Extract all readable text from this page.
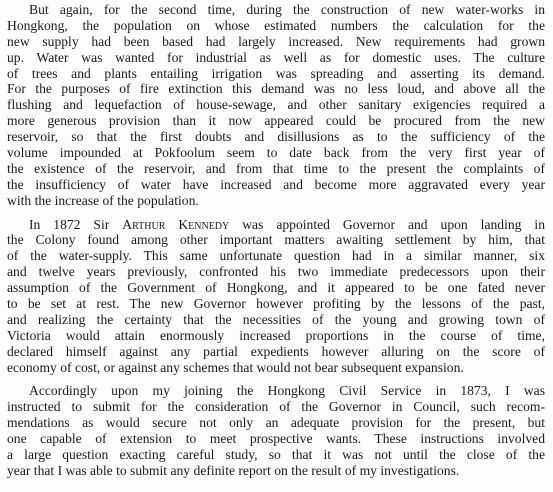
But again, for the second time, during the construction of new water-works in
Hongkong, the population on whose estimated numbers the calculation for the
new supply had been based had largely increased. New requirements had grown
up. Water was wanted for industrial as well as for domestic uses. The culture
of trees and plants entailing irrigation was spreading and asserting its demand.
For the purposes of fire extinction this demand was no less loud, and above all the
flushing and lequefaction of house-sewage, and other sanitary exigencies required a
more generous provision than it now appeared could be procured from the new
reservoir, so that the first doubts and disillusions as to the sufficiency of the
volume impounded at Pokfoolum seem to date back from the very first year of
the existence of the reservoir, and from that time to the present the complaints of
the insufficiency of water have increased and become more aggravated every year
with the increase of the population.
In 1872 Sir Arthur Kennedy was appointed Governor and upon landing in
the Colony found among other important matters awaiting settlement by him, that
of the water-supply. This same unfortunate question had in a similar manner, six
and twelve years previously, confronted his two immediate predecessors upon their
assumption of the Government of Hongkong, and it appeared to be one fated never
to be set at rest. The new Governor however profiting by the lessons of the past,
and realizing the certainty that the necessities of the young and growing town of
Victoria would attain enormously increased proportions in the course of time,
declared himself against any partial expedients however alluring on the score of
economy of cost, or against any schemes that would not bear subsequent expansion.
Accordingly upon my joining the Hongkong Civil Service in 1873, I was
instructed to submit for the consideration of the Governor in Council, such recom-
mendations as would secure not only an adequate provision for the present, but
one capable of extension to meet prospective wants. These instructions involved
a large question exacting careful study, so that it was not until the close of the
year that I was able to submit any definite report on the result of my investigations.
